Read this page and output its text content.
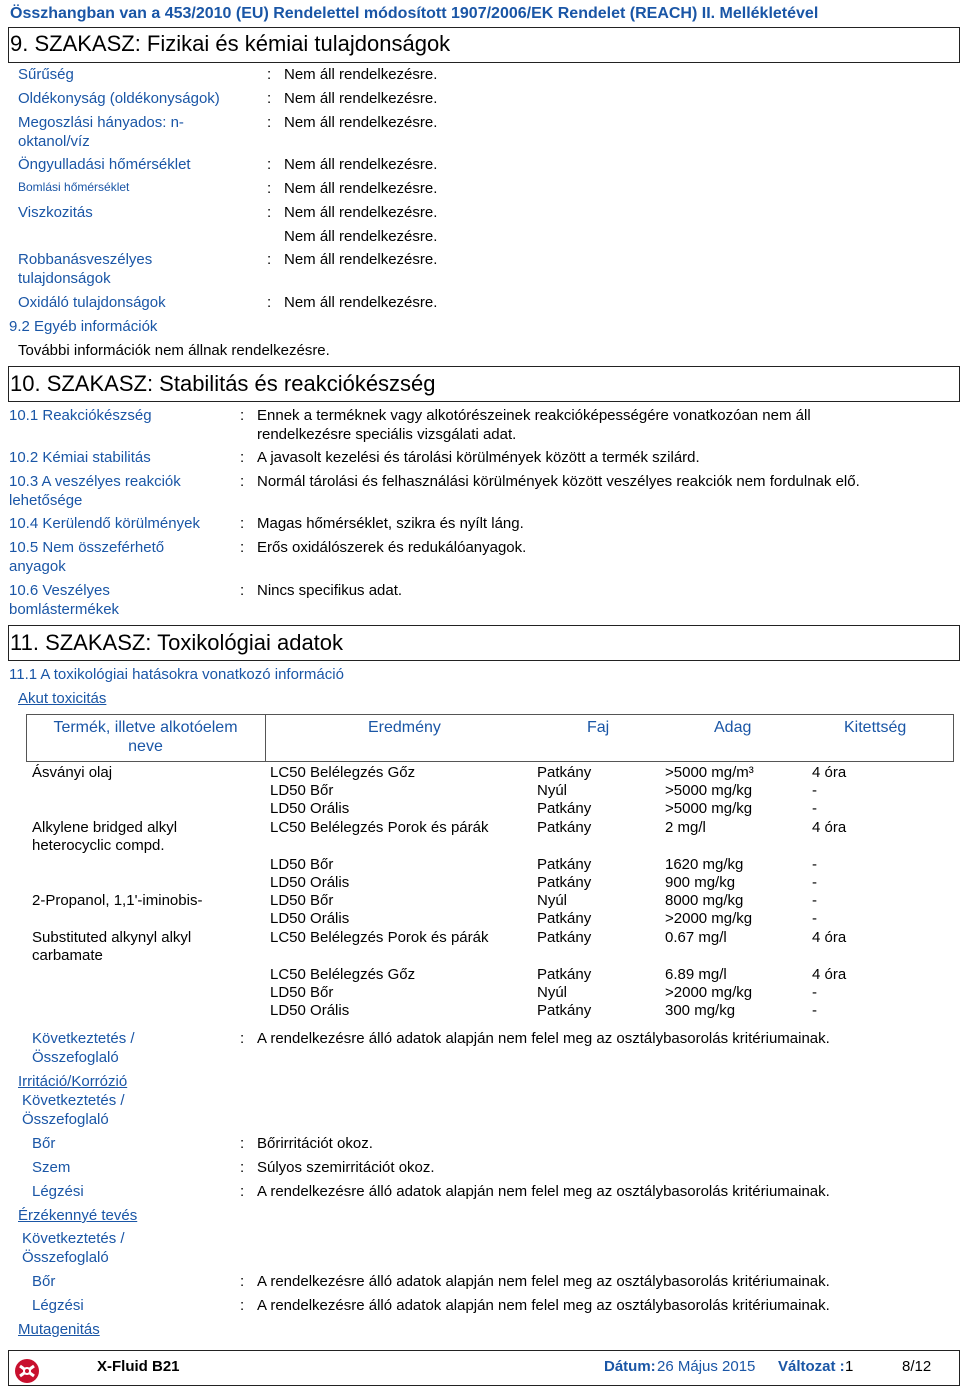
Összhangban van a 453/2010 (EU) Rendelettel módosított 1907/2006/EK Rendelet (REACH) II. Mellékletével
9. SZAKASZ: Fizikai és kémiai tulajdonságok
Sűrűség	: Nem áll rendelkezésre.
Oldékonyság (oldékonyságok)	: Nem áll rendelkezésre.
Megoszlási hányados: n-
oktanol/víz
: Nem áll rendelkezésre.
Öngyulladási hőmérséklet	: Nem áll rendelkezésre.
Bomlási hőmérséklet	: Nem áll rendelkezésre.
Viszkozitás	: Nem áll rendelkezésre.
Nem áll rendelkezésre.
Robbanásveszélyes
tulajdonságok
: Nem áll rendelkezésre.
Oxidáló tulajdonságok	: Nem áll rendelkezésre.
9.2 Egyéb információk
További információk nem állnak rendelkezésre.
10. SZAKASZ: Stabilitás és reakciókészség
10.1 Reakciókészség	: Ennek a terméknek vagy alkotórészeinek reakcióképességére vonatkozóan nem áll
rendelkezésre speciális vizsgálati adat.
10.2 Kémiai stabilitás	: A javasolt kezelési és tárolási körülmények között a termék szilárd.
10.3 A veszélyes reakciók
lehetősége
: Normál tárolási és felhasználási körülmények között veszélyes reakciók nem fordulnak elő.
10.4 Kerülendő körülmények	: Magas hőmérséklet, szikra és nyílt láng.
10.5 Nem összeférhető
anyagok
: Erős oxidálószerek és redukálóanyagok.
10.6 Veszélyes
bomlástermékek
: Nincs specifikus adat.
11. SZAKASZ: Toxikológiai adatok
11.1 A toxikológiai hatásokra vonatkozó információ
Akut toxicitás
Termék, illetve alkotóelem
neve
Eredmény	Faj	Adag	Kitettség
Ásványi olaj	LC50 Belélegzés Gőz	Patkány	>5000 mg/m³	4 óra
LD50 Bőr	Nyúl	>5000 mg/kg	-
LD50 Orális	Patkány	>5000 mg/kg	-
Alkylene bridged alkyl
heterocyclic compd.
LC50 Belélegzés Porok és párák	Patkány	2 mg/l	4 óra
LD50 Bőr	Patkány	1620 mg/kg	-
LD50 Orális	Patkány	900 mg/kg	-
2-Propanol, 1,1'-iminobis-	LD50 Bőr	Nyúl	8000 mg/kg	-
LD50 Orális	Patkány	>2000 mg/kg	-
Substituted alkynyl alkyl
carbamate
LC50 Belélegzés Porok és párák	Patkány	0.67 mg/l	4 óra
LC50 Belélegzés Gőz	Patkány	6.89 mg/l	4 óra
LD50 Bőr	Nyúl	>2000 mg/kg	-
LD50 Orális	Patkány	300 mg/kg	-
Következtetés /
Összefoglaló
: A rendelkezésre álló adatok alapján nem felel meg az osztálybasorolás kritériumainak.
Irritáció/Korrózió
Következtetés /
Összefoglaló
Bőr	: Bőrirritációt okoz.
Szem	: Súlyos szemirritációt okoz.
Légzési	: A rendelkezésre álló adatok alapján nem felel meg az osztálybasorolás kritériumainak.
Érzékennyé tevés
Következtetés /
Összefoglaló
Bőr	: A rendelkezésre álló adatok alapján nem felel meg az osztálybasorolás kritériumainak.
Légzési	: A rendelkezésre álló adatok alapján nem felel meg az osztálybasorolás kritériumainak.
Mutagenitás
X-Fluid B21	Dátum: 26 Május 2015 Változat : 1	8/12
